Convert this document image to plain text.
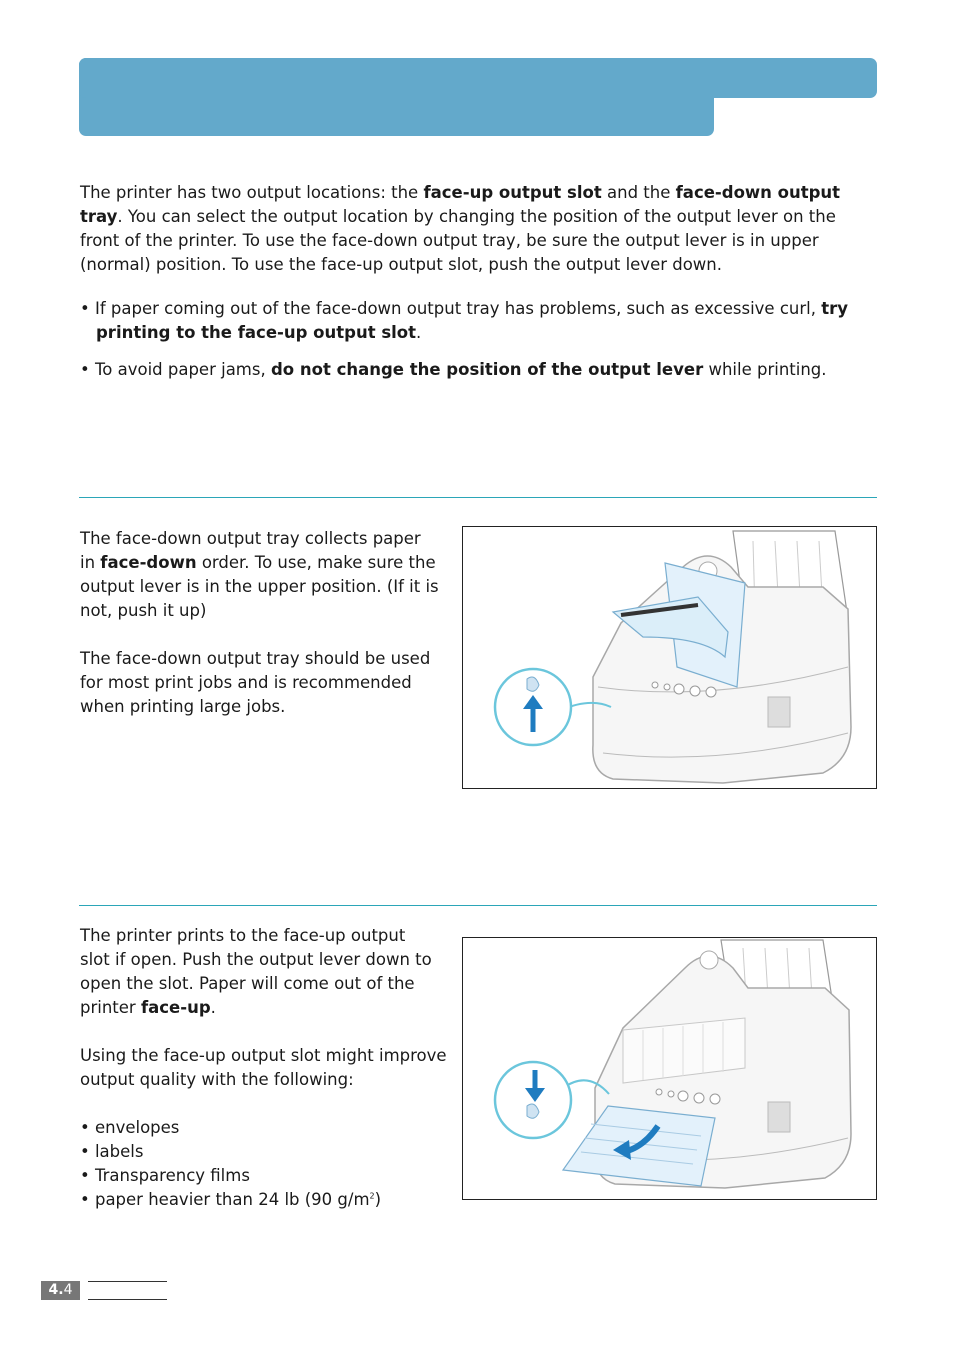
The printer has two output locations: the face-up output slot and the face-down output tray. You can select the output location by changing the position of the output lever on the front of the printer. To use the face-down output tray, be sure the output lever is in upper (normal) position. To use the face-up output slot, push the output lever down.

• If paper coming out of the face-down output tray has problems, such as excessive curl, try printing to the face-up output slot.

• To avoid paper jams, do not change the position of the output lever while printing.

The face-down output tray collects paper in face-down order. To use, make sure the output lever is in the upper position. (If it is not, push it up)

The face-down output tray should be used for most print jobs and is recommended when printing large jobs.

The printer prints to the face-up output slot if open. Push the output lever down to open the slot. Paper will come out of the printer face-up.

Using the face-up output slot might improve output quality with the following:

• envelopes
• labels
• Transparency films
• paper heavier than 24 lb (90 $g/m^2$)
4.4
